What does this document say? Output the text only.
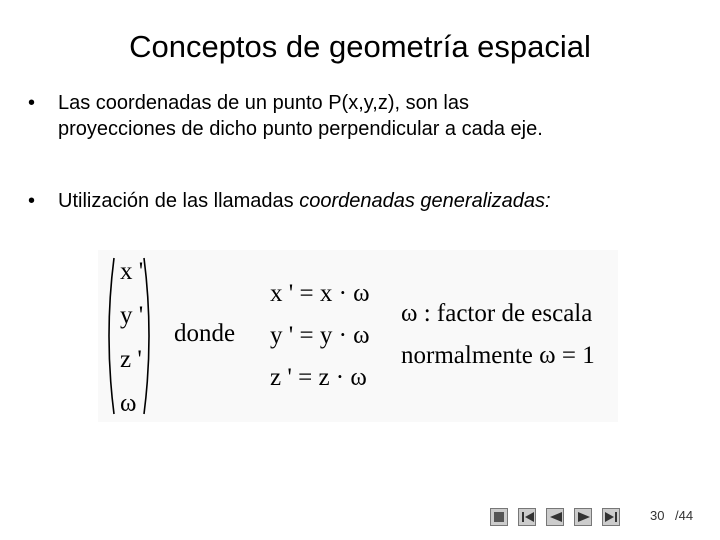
Conceptos de geometría espacial
• Las coordenadas de un punto P(x,y,z), son las
proyecciones de dicho punto perpendicular a cada eje.
• Utilización de las llamadas coordenadas generalizadas:
x '
y '
z '
ω
donde
x ' = x · ω
y ' = y · ω
z ' = z · ω
ω : factor de escala
normalmente ω = 1
30 /44
